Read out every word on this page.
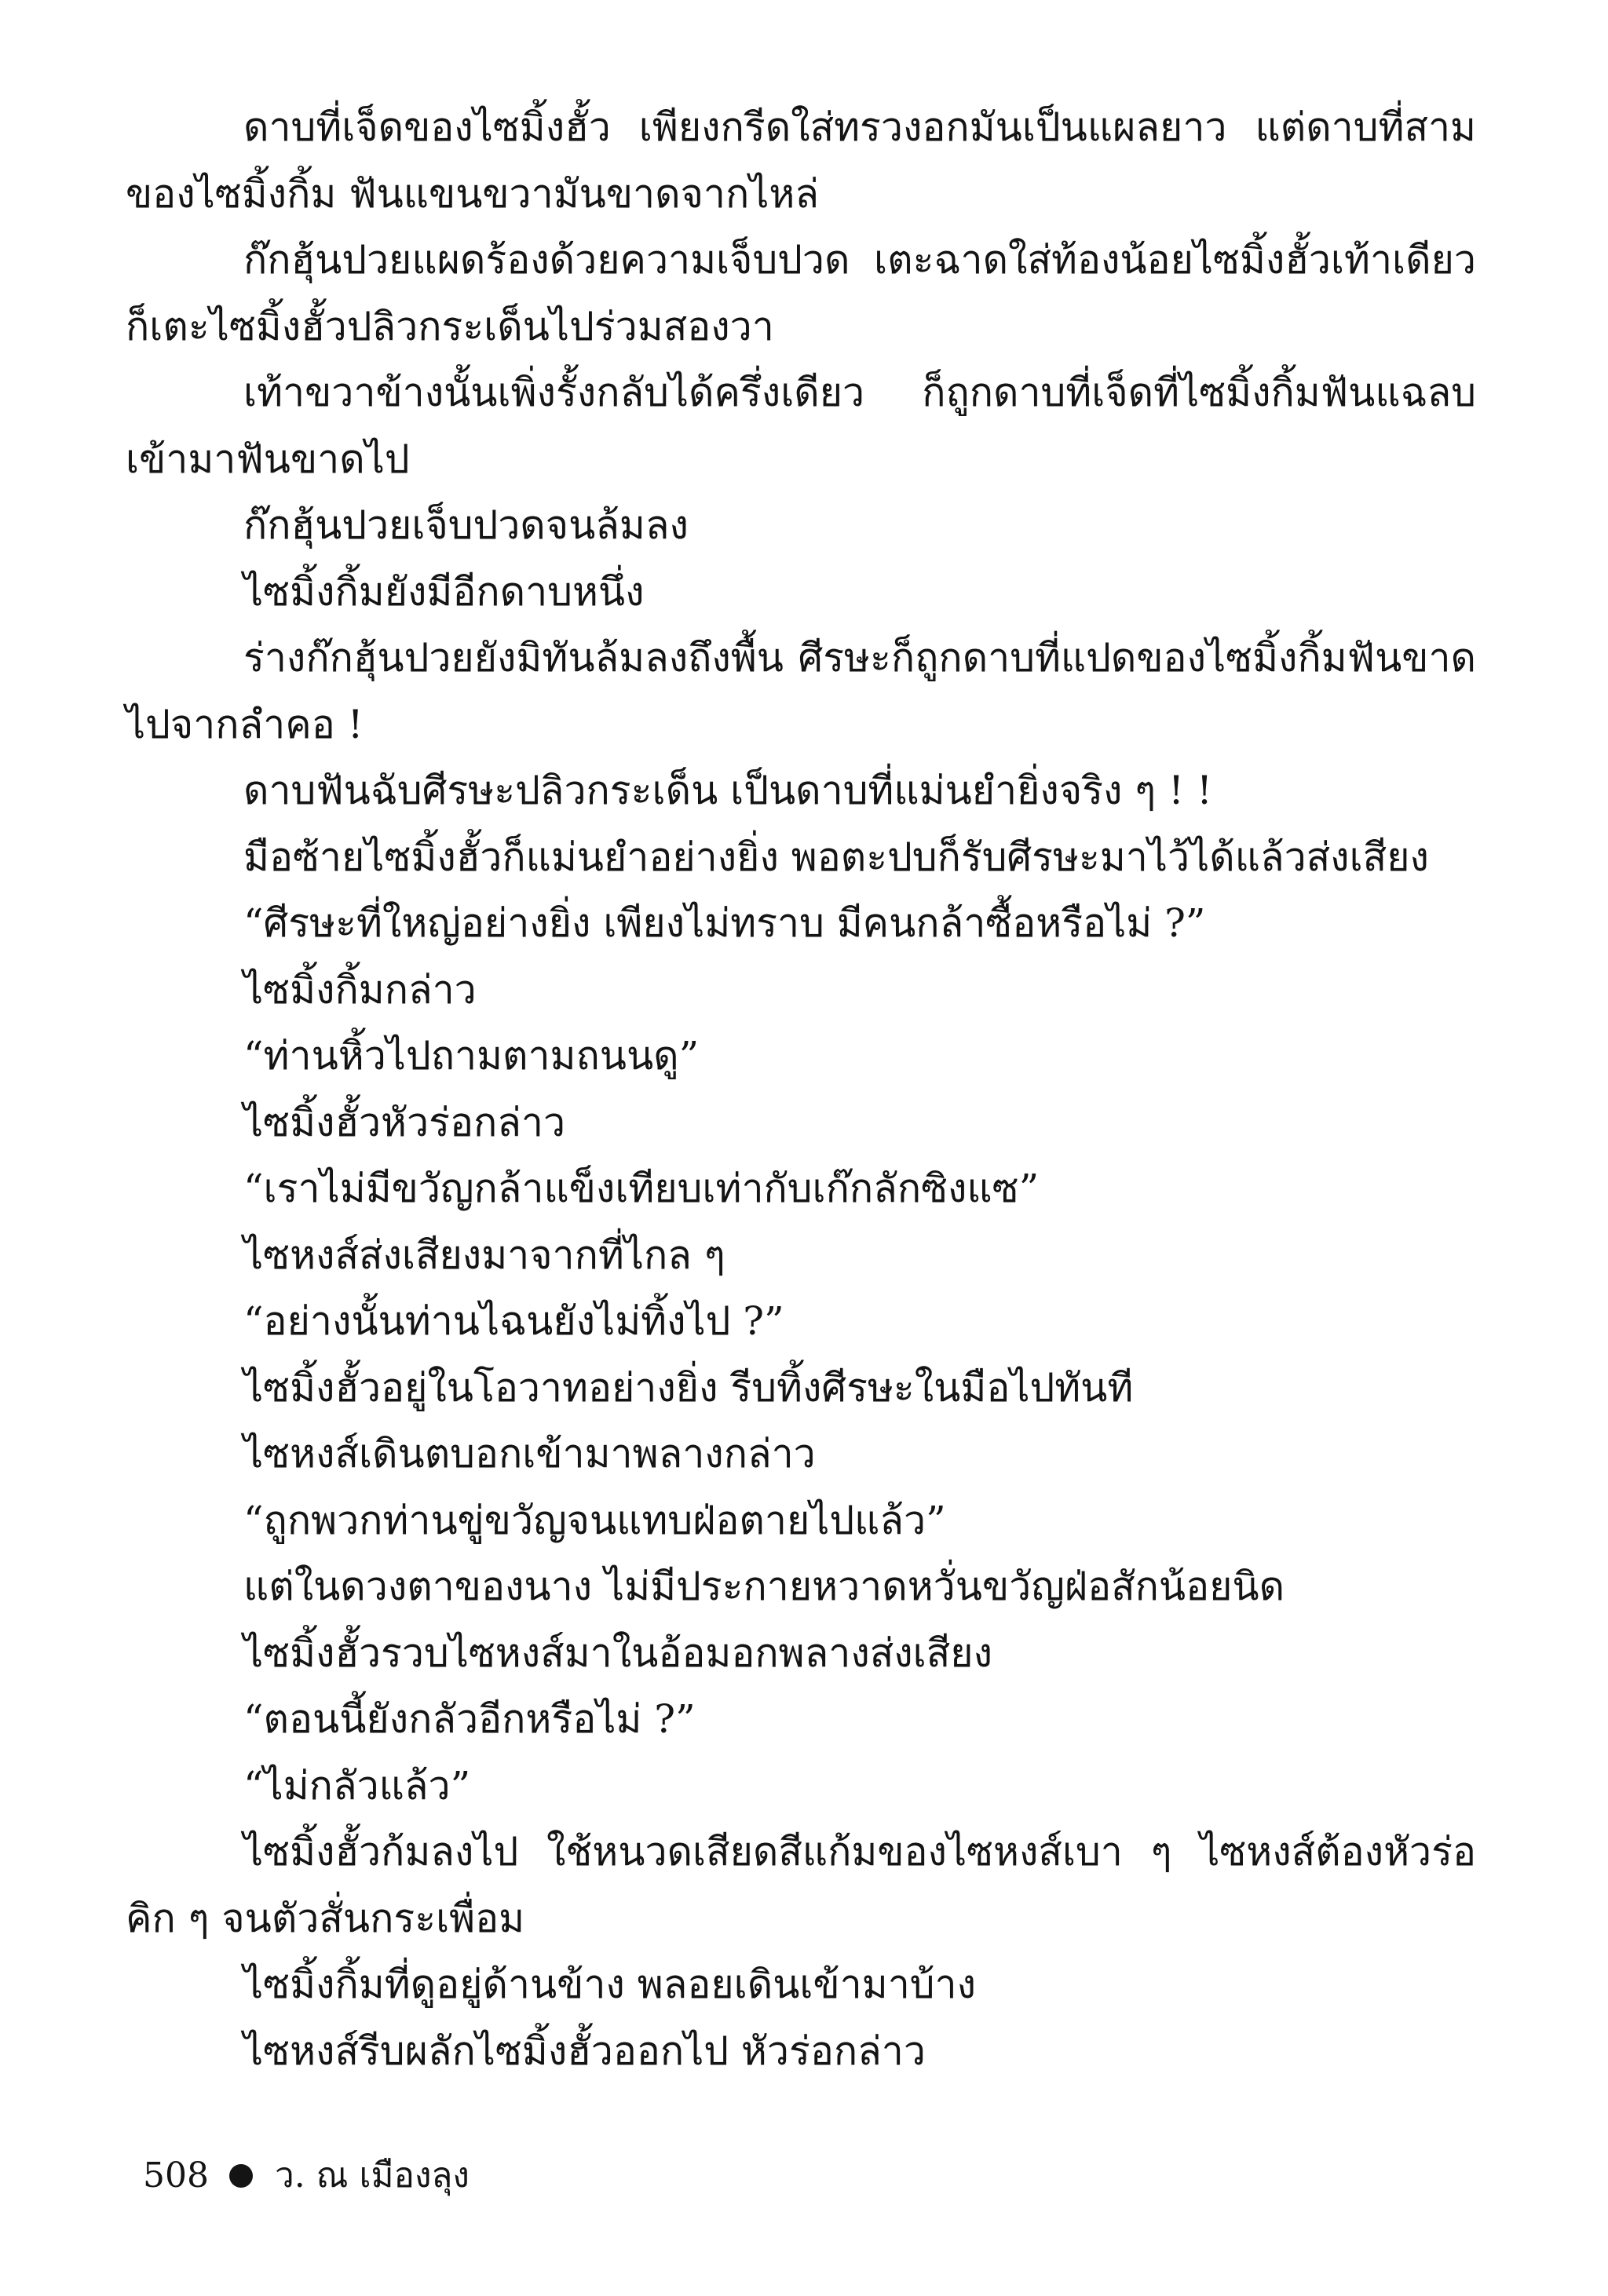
ดาบที่เจ็ดของไซมิ้งฮั้ว เพียงกรีดใส่ทรวงอกมันเป็นแผลยาว แต่ดาบที่สามของไซมิ้งกิ้ม ฟันแขนขวามันขาดจากไหล่

ก๊กฮุ้นปวยแผดร้องด้วยความเจ็บปวด เตะฉาดใส่ท้องน้อยไซมิ้งฮั้วเท้าเดียว ก็เตะไซมิ้งฮั้วปลิวกระเด็นไปร่วมสองวา

เท้าขวาข้างนั้นเพิ่งรั้งกลับได้ครึ่งเดียว ก็ถูกดาบที่เจ็ดที่ไซมิ้งกิ้มฟันแฉลบเข้ามาฟันขาดไป

ก๊กฮุ้นปวยเจ็บปวดจนล้มลง

ไซมิ้งกิ้มยังมีอีกดาบหนึ่ง

ร่างก๊กฮุ้นปวยยังมิทันล้มลงถึงพื้น ศีรษะก็ถูกดาบที่แปดของไซมิ้งกิ้มฟันขาดไปจากลำคอ !

ดาบฟันฉับศีรษะปลิวกระเด็น เป็นดาบที่แม่นยำยิ่งจริง ๆ ! !

มือซ้ายไซมิ้งฮั้วก็แม่นยำอย่างยิ่ง พอตะปบก็รับศีรษะมาไว้ได้แล้วส่งเสียง

“ศีรษะที่ใหญ่อย่างยิ่ง เพียงไม่ทราบ มีคนกล้าซื้อหรือไม่ ?”

ไซมิ้งกิ้มกล่าว

“ท่านหิ้วไปถามตามถนนดู”

ไซมิ้งฮั้วหัวร่อกล่าว

“เราไม่มีขวัญกล้าแข็งเทียบเท่ากับเก๊กลักซิงแซ”

ไซหงส์ส่งเสียงมาจากที่ไกล ๆ

“อย่างนั้นท่านไฉนยังไม่ทิ้งไป ?”

ไซมิ้งฮั้วอยู่ในโอวาทอย่างยิ่ง รีบทิ้งศีรษะในมือไปทันที

ไซหงส์เดินตบอกเข้ามาพลางกล่าว

“ถูกพวกท่านขู่ขวัญจนแทบฝ่อตายไปแล้ว”

แต่ในดวงตาของนาง ไม่มีประกายหวาดหวั่นขวัญฝ่อสักน้อยนิด

ไซมิ้งฮั้วรวบไซหงส์มาในอ้อมอกพลางส่งเสียง

“ตอนนี้ยังกลัวอีกหรือไม่ ?”

“ไม่กลัวแล้ว”

ไซมิ้งฮั้วก้มลงไป ใช้หนวดเสียดสีแก้มของไซหงส์เบา ๆ ไซหงส์ต้องหัวร่อคิก ๆ จนตัวสั่นกระเพื่อม

ไซมิ้งกิ้มที่ดูอยู่ด้านข้าง พลอยเดินเข้ามาบ้าง

ไซหงส์รีบผลักไซมิ้งฮั้วออกไป หัวร่อกล่าว

508 ว. ณ เมืองลุง
